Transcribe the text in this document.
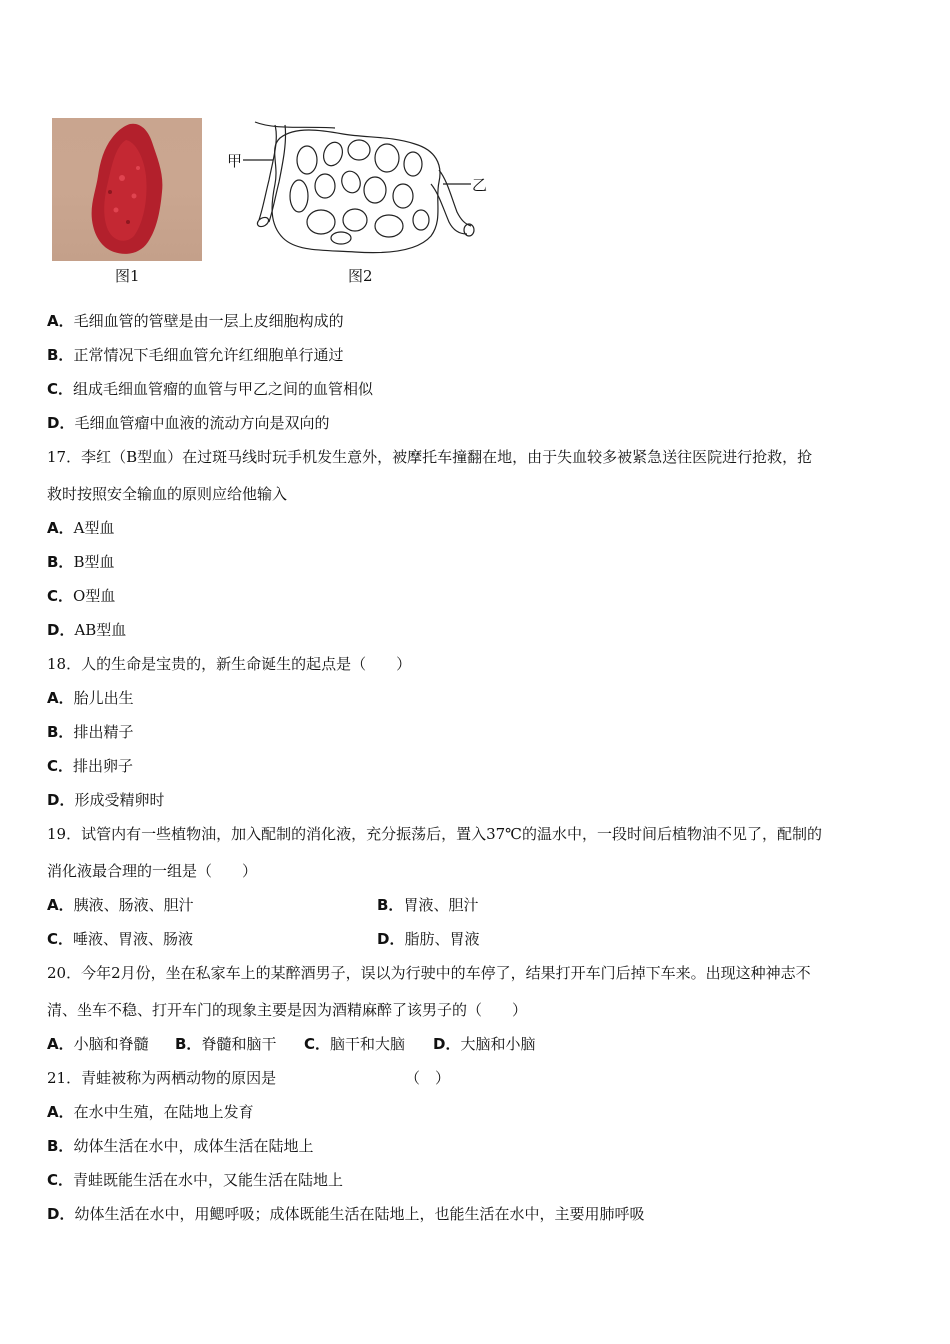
图1
甲
乙
图2
A．毛细血管的管壁是由一层上皮细胞构成的
B．正常情况下毛细血管允许红细胞单行通过
C．组成毛细血管瘤的血管与甲乙之间的血管相似
D．毛细血管瘤中血液的流动方向是双向的
17．李红（B型血）在过斑马线时玩手机发生意外，被摩托车撞翻在地，由于失血较多被紧急送往医院进行抢救，抢
救时按照安全输血的原则应给他输入
A．A型血
B．B型血
C．O型血
D．AB型血
18．人的生命是宝贵的，新生命诞生的起点是（　　）
A．胎儿出生
B．排出精子
C．排出卵子
D．形成受精卵时
19．试管内有一些植物油，加入配制的消化液，充分振荡后，置入37℃的温水中，一段时间后植物油不见了，配制的
消化液最合理的一组是（　　）
A．胰液、肠液、胆汁	B．胃液、胆汁
C．唾液、胃液、肠液	D．脂肪、胃液
20．今年2月份，坐在私家车上的某醉酒男子，误以为行驶中的车停了，结果打开车门后掉下车来。出现这种神志不
清、坐车不稳、打开车门的现象主要是因为酒精麻醉了该男子的（　　）
A．小脑和脊髓 B．脊髓和脑干 C．脑干和大脑 D．大脑和小脑
21．青蛙被称为两栖动物的原因是	（　）
A．在水中生殖，在陆地上发育
B．幼体生活在水中，成体生活在陆地上
C．青蛙既能生活在水中，又能生活在陆地上
D．幼体生活在水中，用鳃呼吸；成体既能生活在陆地上，也能生活在水中，主要用肺呼吸
